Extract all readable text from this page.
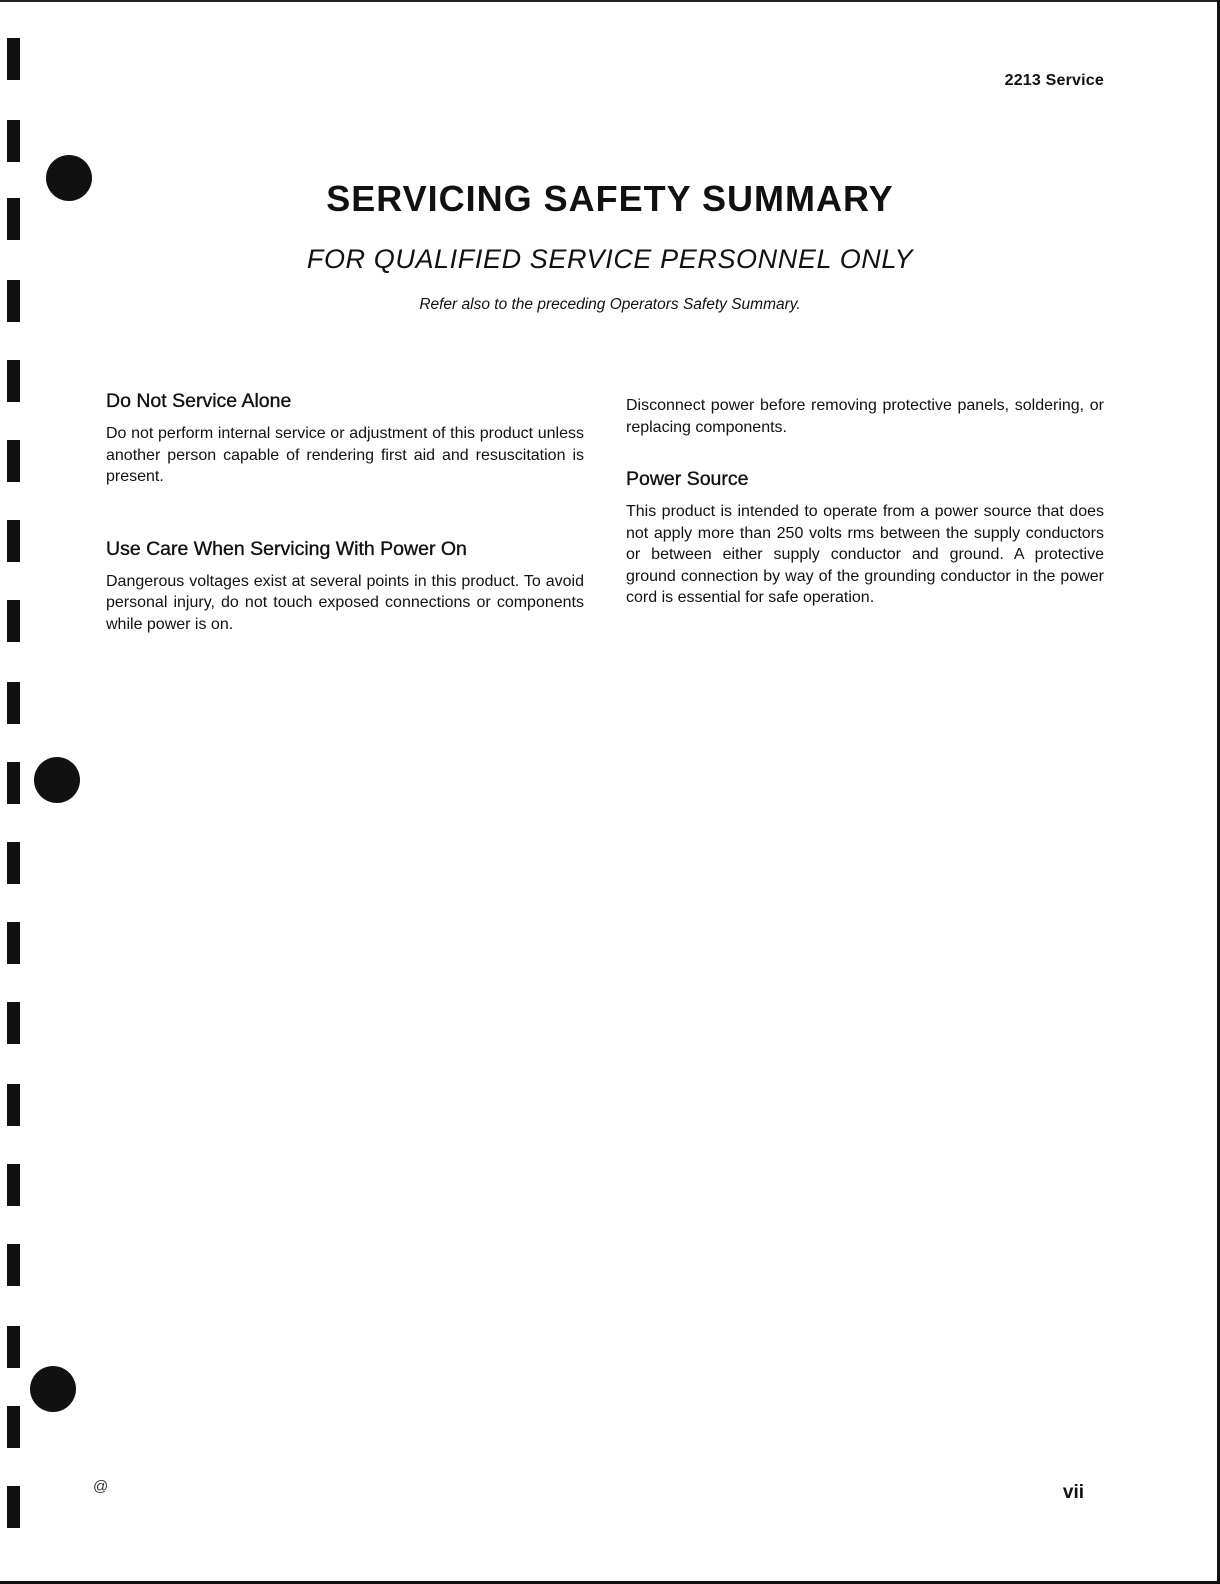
2213 Service
SERVICING SAFETY SUMMARY
FOR QUALIFIED SERVICE PERSONNEL ONLY
Refer also to the preceding Operators Safety Summary.
Do Not Service Alone

Do not perform internal service or adjustment of this product unless another person capable of rendering first aid and resuscitation is present.

Use Care When Servicing With Power On

Dangerous voltages exist at several points in this product. To avoid personal injury, do not touch exposed connections or components while power is on.

Disconnect power before removing protective panels, soldering, or replacing components.

Power Source

This product is intended to operate from a power source that does not apply more than 250 volts rms between the supply conductors or between either supply conductor and ground. A protective ground connection by way of the grounding conductor in the power cord is essential for safe operation.

@	vii
